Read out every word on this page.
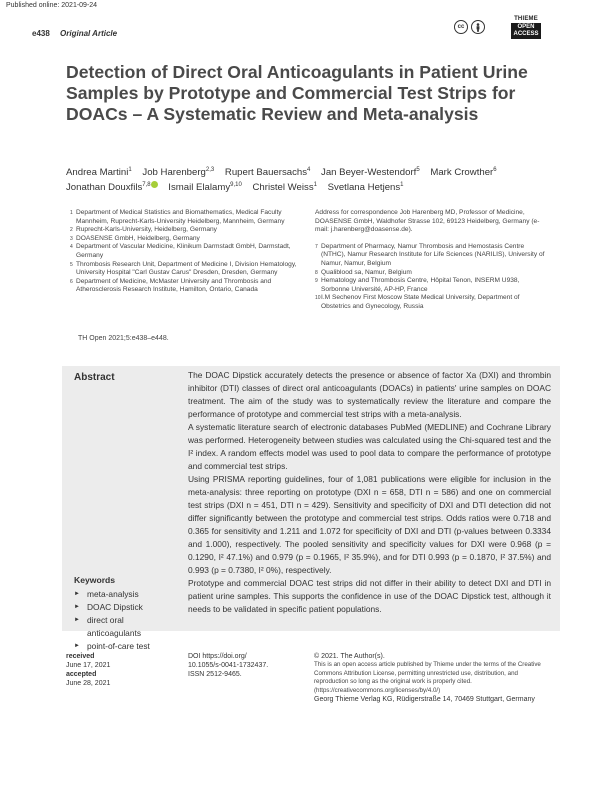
Published online: 2021-09-24
e438 Original Article
cc
THIEME
OPEN
ACCESS
Detection of Direct Oral Anticoagulants in Patient Urine Samples by Prototype and Commercial Test Strips for DOACs – A Systematic Review and Meta-analysis
Andrea Martini$^1$ Job Harenberg$^{2,3}$ Rupert Bauersachs$^4$ Jan Beyer-Westendorf$^5$ Mark Crowther$^6$
Jonathan Douxfils$^{7,8}$ Ismail Elalamy$^{9,10}$ Christel Weiss$^1$ Svetlana Hetjens$^1$
1 Department of Medical Statistics and Biomathematics, Medical Faculty Mannheim, Ruprecht-Karls-University Heidelberg, Mannheim, Germany
2 Ruprecht-Karls-University, Heidelberg, Germany
3 DOASENSE GmbH, Heidelberg, Germany
4 Department of Vascular Medicine, Klinikum Darmstadt GmbH, Darmstadt, Germany
5 Thrombosis Research Unit, Department of Medicine I, Division Hematology, University Hospital "Carl Gustav Carus" Dresden, Dresden, Germany
6 Department of Medicine, McMaster University and Thrombosis and Atherosclerosis Research Institute, Hamilton, Ontario, Canada
Address for correspondence Job Harenberg MD, Professor of Medicine, DOASENSE GmbH, Waldhofer Strasse 102, 69123 Heidelberg, Germany (e-mail: j.harenberg@doasense.de).
7 Department of Pharmacy, Namur Thrombosis and Hemostasis Centre (NTHC), Namur Research Institute for Life Sciences (NARILIS), University of Namur, Namur, Belgium
8 Qualiblood sa, Namur, Belgium
9 Hematology and Thrombosis Centre, Hôpital Tenon, INSERM U938, Sorbonne Université, AP-HP, France
10 I.M Sechenov First Moscow State Medical University, Department of Obstetrics and Gynecology, Russia
TH Open 2021;5:e438–e448.
Abstract	The DOAC Dipstick accurately detects the presence or absence of factor Xa (DXI) and thrombin inhibitor (DTI) classes of direct oral anticoagulants (DOACs) in patients' urine samples on DOAC treatment. The aim of the study was to systematically review the literature and compare the performance of prototype and commercial test strips with a meta-analysis.

A systematic literature search of electronic databases PubMed (MEDLINE) and Cochrane Library was performed. Heterogeneity between studies was calculated using the Chi-squared test and the I² index. A random effects model was used to pool data to compare the performance of prototype and commercial test strips.

Using PRISMA reporting guidelines, four of 1,081 publications were eligible for inclusion in the meta-analysis: three reporting on prototype (DXI n = 658, DTI n = 586) and one on commercial test strips (DXI n = 451, DTI n = 429). Sensitivity and specificity of DXI and DTI detection did not differ significantly between the prototype and commercial test strips. Odds ratios were 0.718 and 0.365 for sensitivity and 1.211 and 1.072 for specificity of DXI and DTI (p-values between 0.3334 and 1.000), respectively. The pooled sensitivity and specificity values for DXI were 0.968 (p = 0.1290, I² 47.1%) and 0.979 (p = 0.1965, I² 35.9%), and for DTI 0.993 (p = 0.1870, I² 37.5%) and 0.993 (p = 0.7380, I² 0%), respectively.

Prototype and commercial DOAC test strips did not differ in their ability to detect DXI and DTI in patient urine samples. This supports the confidence in use of the DOAC Dipstick test, although it needs to be validated in specific patient populations.

Keywords
► meta-analysis
► DOAC Dipstick
► direct oral anticoagulants
► point-of-care test
received
June 17, 2021
accepted
June 28, 2021
DOI https://doi.org/
10.1055/s-0041-1732437.
ISSN 2512-9465.
© 2021. The Author(s).
This is an open access article published by Thieme under the terms of the Creative Commons Attribution License, permitting unrestricted use, distribution, and reproduction so long as the original work is properly cited. (https://creativecommons.org/licenses/by/4.0/)
Georg Thieme Verlag KG, Rüdigerstraße 14, 70469 Stuttgart, Germany
